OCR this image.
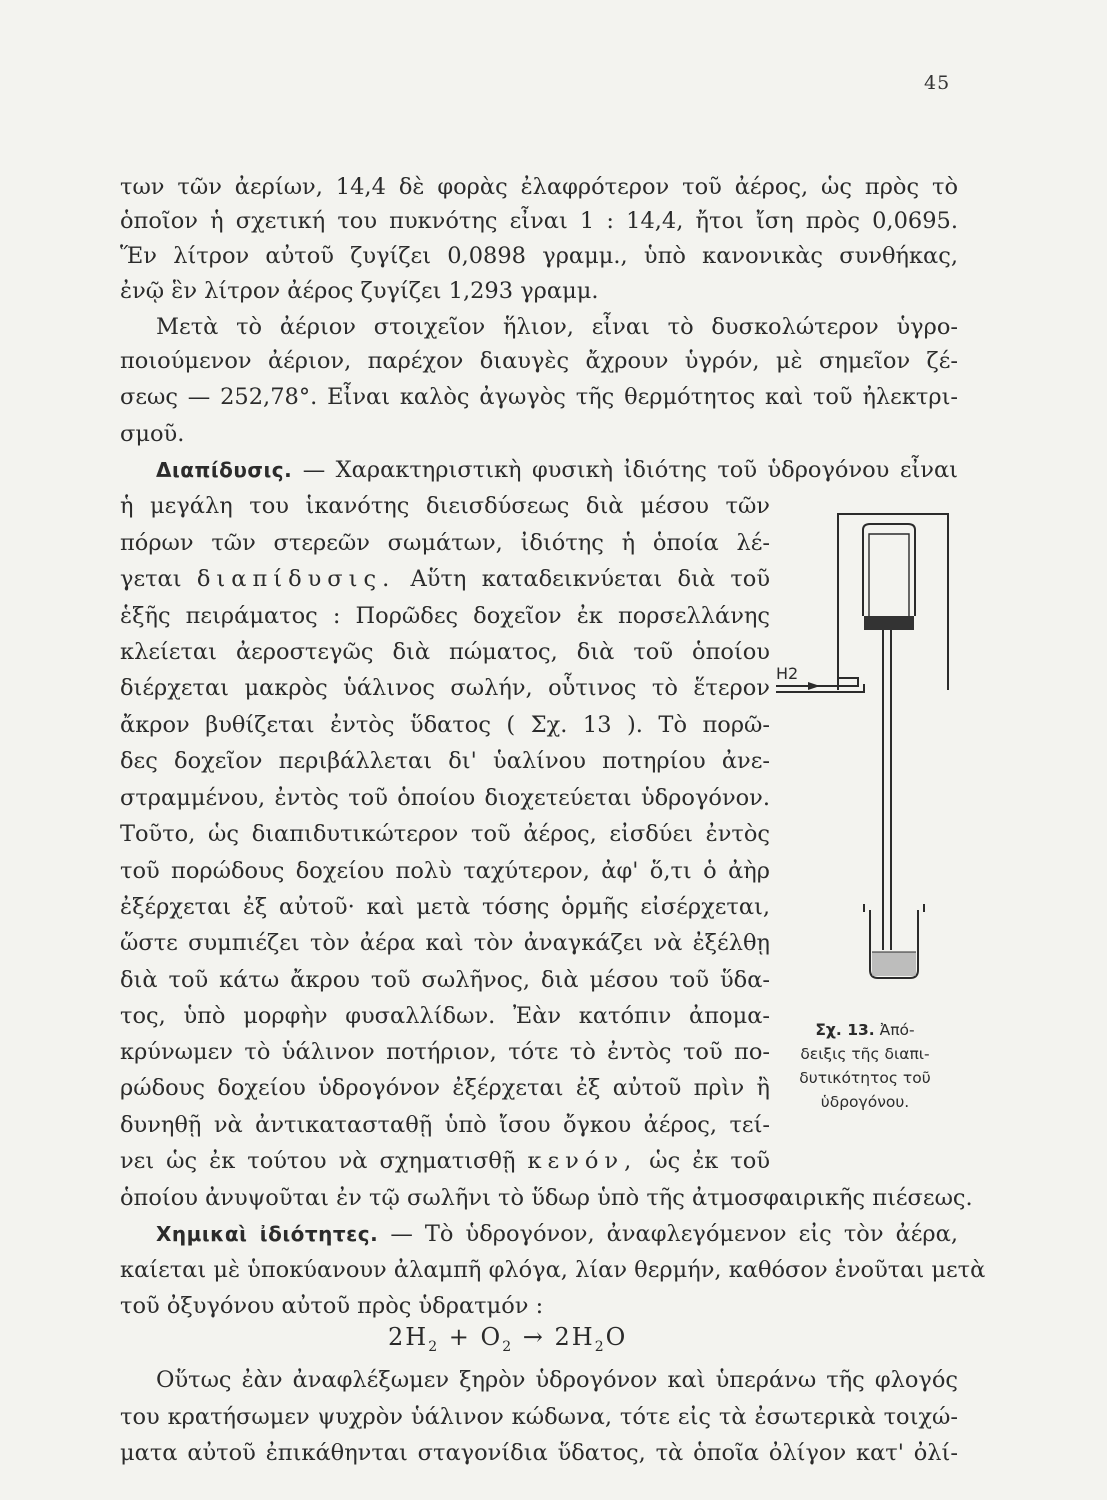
45
των τῶν ἀερίων, 14,4 δὲ φορὰς ἐλαφρότερον τοῦ ἀέρος, ὡς πρὸς τὸ
ὁποῖον ἡ σχετική του πυκνότης εἶναι 1 : 14,4, ἤτοι ἴση πρὸς 0,0695.
Ἕν λίτρον αὐτοῦ ζυγίζει 0,0898 γραμμ., ὑπὸ κανονικὰς συνθήκας,
ἐνῷ ἓν λίτρον ἀέρος ζυγίζει 1,293 γραμμ.
Μετὰ τὸ ἀέριον στοιχεῖον ἥλιον, εἶναι τὸ δυσκολώτερον ὑγρο-
ποιούμενον ἀέριον, παρέχον διαυγὲς ἄχρουν ὑγρόν, μὲ σημεῖον ζέ-
σεως — 252,78°. Εἶναι καλὸς ἀγωγὸς τῆς θερμότητος καὶ τοῦ ἠλεκτρι-
σμοῦ.
Διαπίδυσις. — Χαρακτηριστικὴ φυσικὴ ἰδιότης τοῦ ὑδρογόνου εἶναι
ἡ μεγάλη του ἱκανότης διεισδύσεως διὰ μέσου τῶν
πόρων τῶν στερεῶν σωμάτων, ἰδιότης ἡ ὁποία λέ-
γεται διαπίδυσις. Αὕτη καταδεικνύεται διὰ τοῦ
ἑξῆς πειράματος : Πορῶδες δοχεῖον ἐκ πορσελλάνης
κλείεται ἀεροστεγῶς διὰ πώματος, διὰ τοῦ ὁποίου
διέρχεται μακρὸς ὑάλινος σωλήν, οὗτινος τὸ ἕτερον
ἄκρον βυθίζεται ἐντὸς ὕδατος ( Σχ. 13 ). Τὸ πορῶ-
δες δοχεῖον περιβάλλεται δι' ὑαλίνου ποτηρίου ἀνε-
στραμμένου, ἐντὸς τοῦ ὁποίου διοχετεύεται ὑδρογόνον.
Τοῦτο, ὡς διαπιδυτικώτερον τοῦ ἀέρος, εἰσδύει ἐντὸς
τοῦ πορώδους δοχείου πολὺ ταχύτερον, ἀφ' ὅ,τι ὁ ἀὴρ
ἐξέρχεται ἐξ αὐτοῦ· καὶ μετὰ τόσης ὁρμῆς εἰσέρχεται,
ὥστε συμπιέζει τὸν ἀέρα καὶ τὸν ἀναγκάζει νὰ ἐξέλθῃ
διὰ τοῦ κάτω ἄκρου τοῦ σωλῆνος, διὰ μέσου τοῦ ὕδα-
τος, ὑπὸ μορφὴν φυσαλλίδων. Ἐὰν κατόπιν ἀπομα-
κρύνωμεν τὸ ὑάλινον ποτήριον, τότε τὸ ἐντὸς τοῦ πο-
ρώδους δοχείου ὑδρογόνον ἐξέρχεται ἐξ αὐτοῦ πρὶν ἢ
δυνηθῇ νὰ ἀντικατασταθῇ ὑπὸ ἴσου ὄγκου ἀέρος, τεί-
νει ὡς ἐκ τούτου νὰ σχηματισθῇ κενόν, ὡς ἐκ τοῦ
ὁποίου ἀνυψοῦται ἐν τῷ σωλῆνι τὸ ὕδωρ ὑπὸ τῆς ἀτμοσφαιρικῆς πιέσεως.
Χημικαὶ ἰδιότητες. — Τὸ ὑδρογόνον, ἀναφλεγόμενον εἰς τὸν ἀέρα,
καίεται μὲ ὑποκύανουν ἀλαμπῆ φλόγα, λίαν θερμήν, καθόσον ἑνοῦται μετὰ
τοῦ ὀξυγόνου αὐτοῦ πρὸς ὑδρατμόν :
$2H_2 + O_2 \to 2H_2O$
Οὕτως ἐὰν ἀναφλέξωμεν ξηρὸν ὑδρογόνον καὶ ὑπεράνω τῆς φλογός
του κρατήσωμεν ψυχρὸν ὑάλινον κώδωνα, τότε εἰς τὰ ἐσωτερικὰ τοιχώ-
ματα αὐτοῦ ἐπικάθηνται σταγονίδια ὕδατος, τὰ ὁποῖα ὀλίγον κατ' ὀλί-
H2
Σχ. 13. Ἀπό-
δειξις τῆς διαπι-
δυτικότητος τοῦ
ὑδρογόνου.
